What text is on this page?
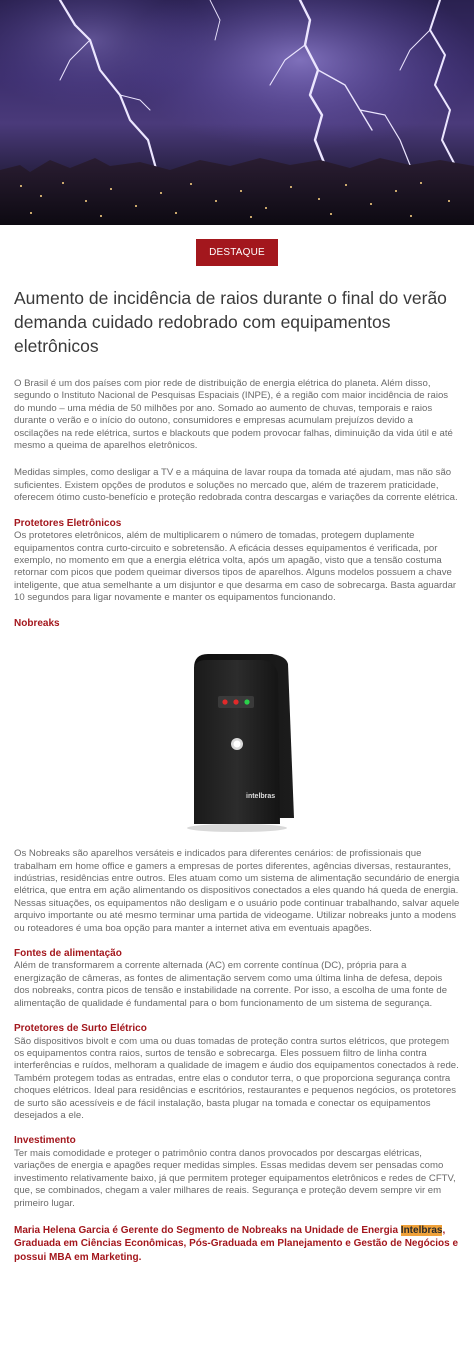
DESTAQUE
Aumento de incidência de raios durante o final do verão demanda cuidado redobrado com equipamentos eletrônicos

O Brasil é um dos países com pior rede de distribuição de energia elétrica do planeta. Além disso, segundo o Instituto Nacional de Pesquisas Espaciais (INPE), é a região com maior incidência de raios do mundo – uma média de 50 milhões por ano. Somado ao aumento de chuvas, temporais e raios durante o verão e o início do outono, consumidores e empresas acumulam prejuízos devido a oscilações na rede elétrica, surtos e blackouts que podem provocar falhas, diminuição da vida útil e até mesmo a queima de aparelhos eletrônicos.

Medidas simples, como desligar a TV e a máquina de lavar roupa da tomada até ajudam, mas não são suficientes. Existem opções de produtos e soluções no mercado que, além de trazerem praticidade, oferecem ótimo custo-benefício e proteção redobrada contra descargas e variações da corrente elétrica.

Protetores Eletrônicos

Os protetores eletrônicos, além de multiplicarem o número de tomadas, protegem duplamente equipamentos contra curto-circuito e sobretensão. A eficácia desses equipamentos é verificada, por exemplo, no momento em que a energia elétrica volta, após um apagão, visto que a tensão costuma retornar com picos que podem queimar diversos tipos de aparelhos. Alguns modelos possuem a chave inteligente, que atua semelhante a um disjuntor e que desarma em caso de sobrecarga. Basta aguardar 10 segundos para ligar novamente e manter os equipamentos funcionando.

Nobreaks
intelbras

Os Nobreaks são aparelhos versáteis e indicados para diferentes cenários: de profissionais que trabalham em home office e gamers a empresas de portes diferentes, agências diversas, restaurantes, indústrias, residências entre outros. Eles atuam como um sistema de alimentação secundário de energia elétrica, que entra em ação alimentando os dispositivos conectados a eles quando há queda de energia. Nessas situações, os equipamentos não desligam e o usuário pode continuar trabalhando, salvar aquele arquivo importante ou até mesmo terminar uma partida de videogame. Utilizar nobreaks junto a modens ou roteadores é uma boa opção para manter a internet ativa em eventuais apagões.

Fontes de alimentação

Além de transformarem a corrente alternada (AC) em corrente contínua (DC), própria para a energização de câmeras, as fontes de alimentação servem como uma última linha de defesa, depois dos nobreaks, contra picos de tensão e instabilidade na corrente. Por isso, a escolha de uma fonte de alimentação de qualidade é fundamental para o bom funcionamento de um sistema de segurança.

Protetores de Surto Elétrico

São dispositivos bivolt e com uma ou duas tomadas de proteção contra surtos elétricos, que protegem os equipamentos contra raios, surtos de tensão e sobrecarga. Eles possuem filtro de linha contra interferências e ruídos, melhoram a qualidade de imagem e áudio dos equipamentos conectados à rede. Também protegem todas as entradas, entre elas o condutor terra, o que proporciona segurança contra choques elétricos. Ideal para residências e escritórios, restaurantes e pequenos negócios, os protetores de surto são acessíveis e de fácil instalação, basta plugar na tomada e conectar os equipamentos desejados a ele.

Investimento

Ter mais comodidade e proteger o patrimônio contra danos provocados por descargas elétricas, variações de energia e apagões requer medidas simples. Essas medidas devem ser pensadas como investimento relativamente baixo, já que permitem proteger equipamentos eletrônicos e redes de CFTV, que, se combinados, chegam a valer milhares de reais. Segurança e proteção devem sempre vir em primeiro lugar.

Maria Helena Garcia é Gerente do Segmento de Nobreaks na Unidade de Energia Intelbras, Graduada em Ciências Econômicas, Pós-Graduada em Planejamento e Gestão de Negócios e possui MBA em Marketing.
